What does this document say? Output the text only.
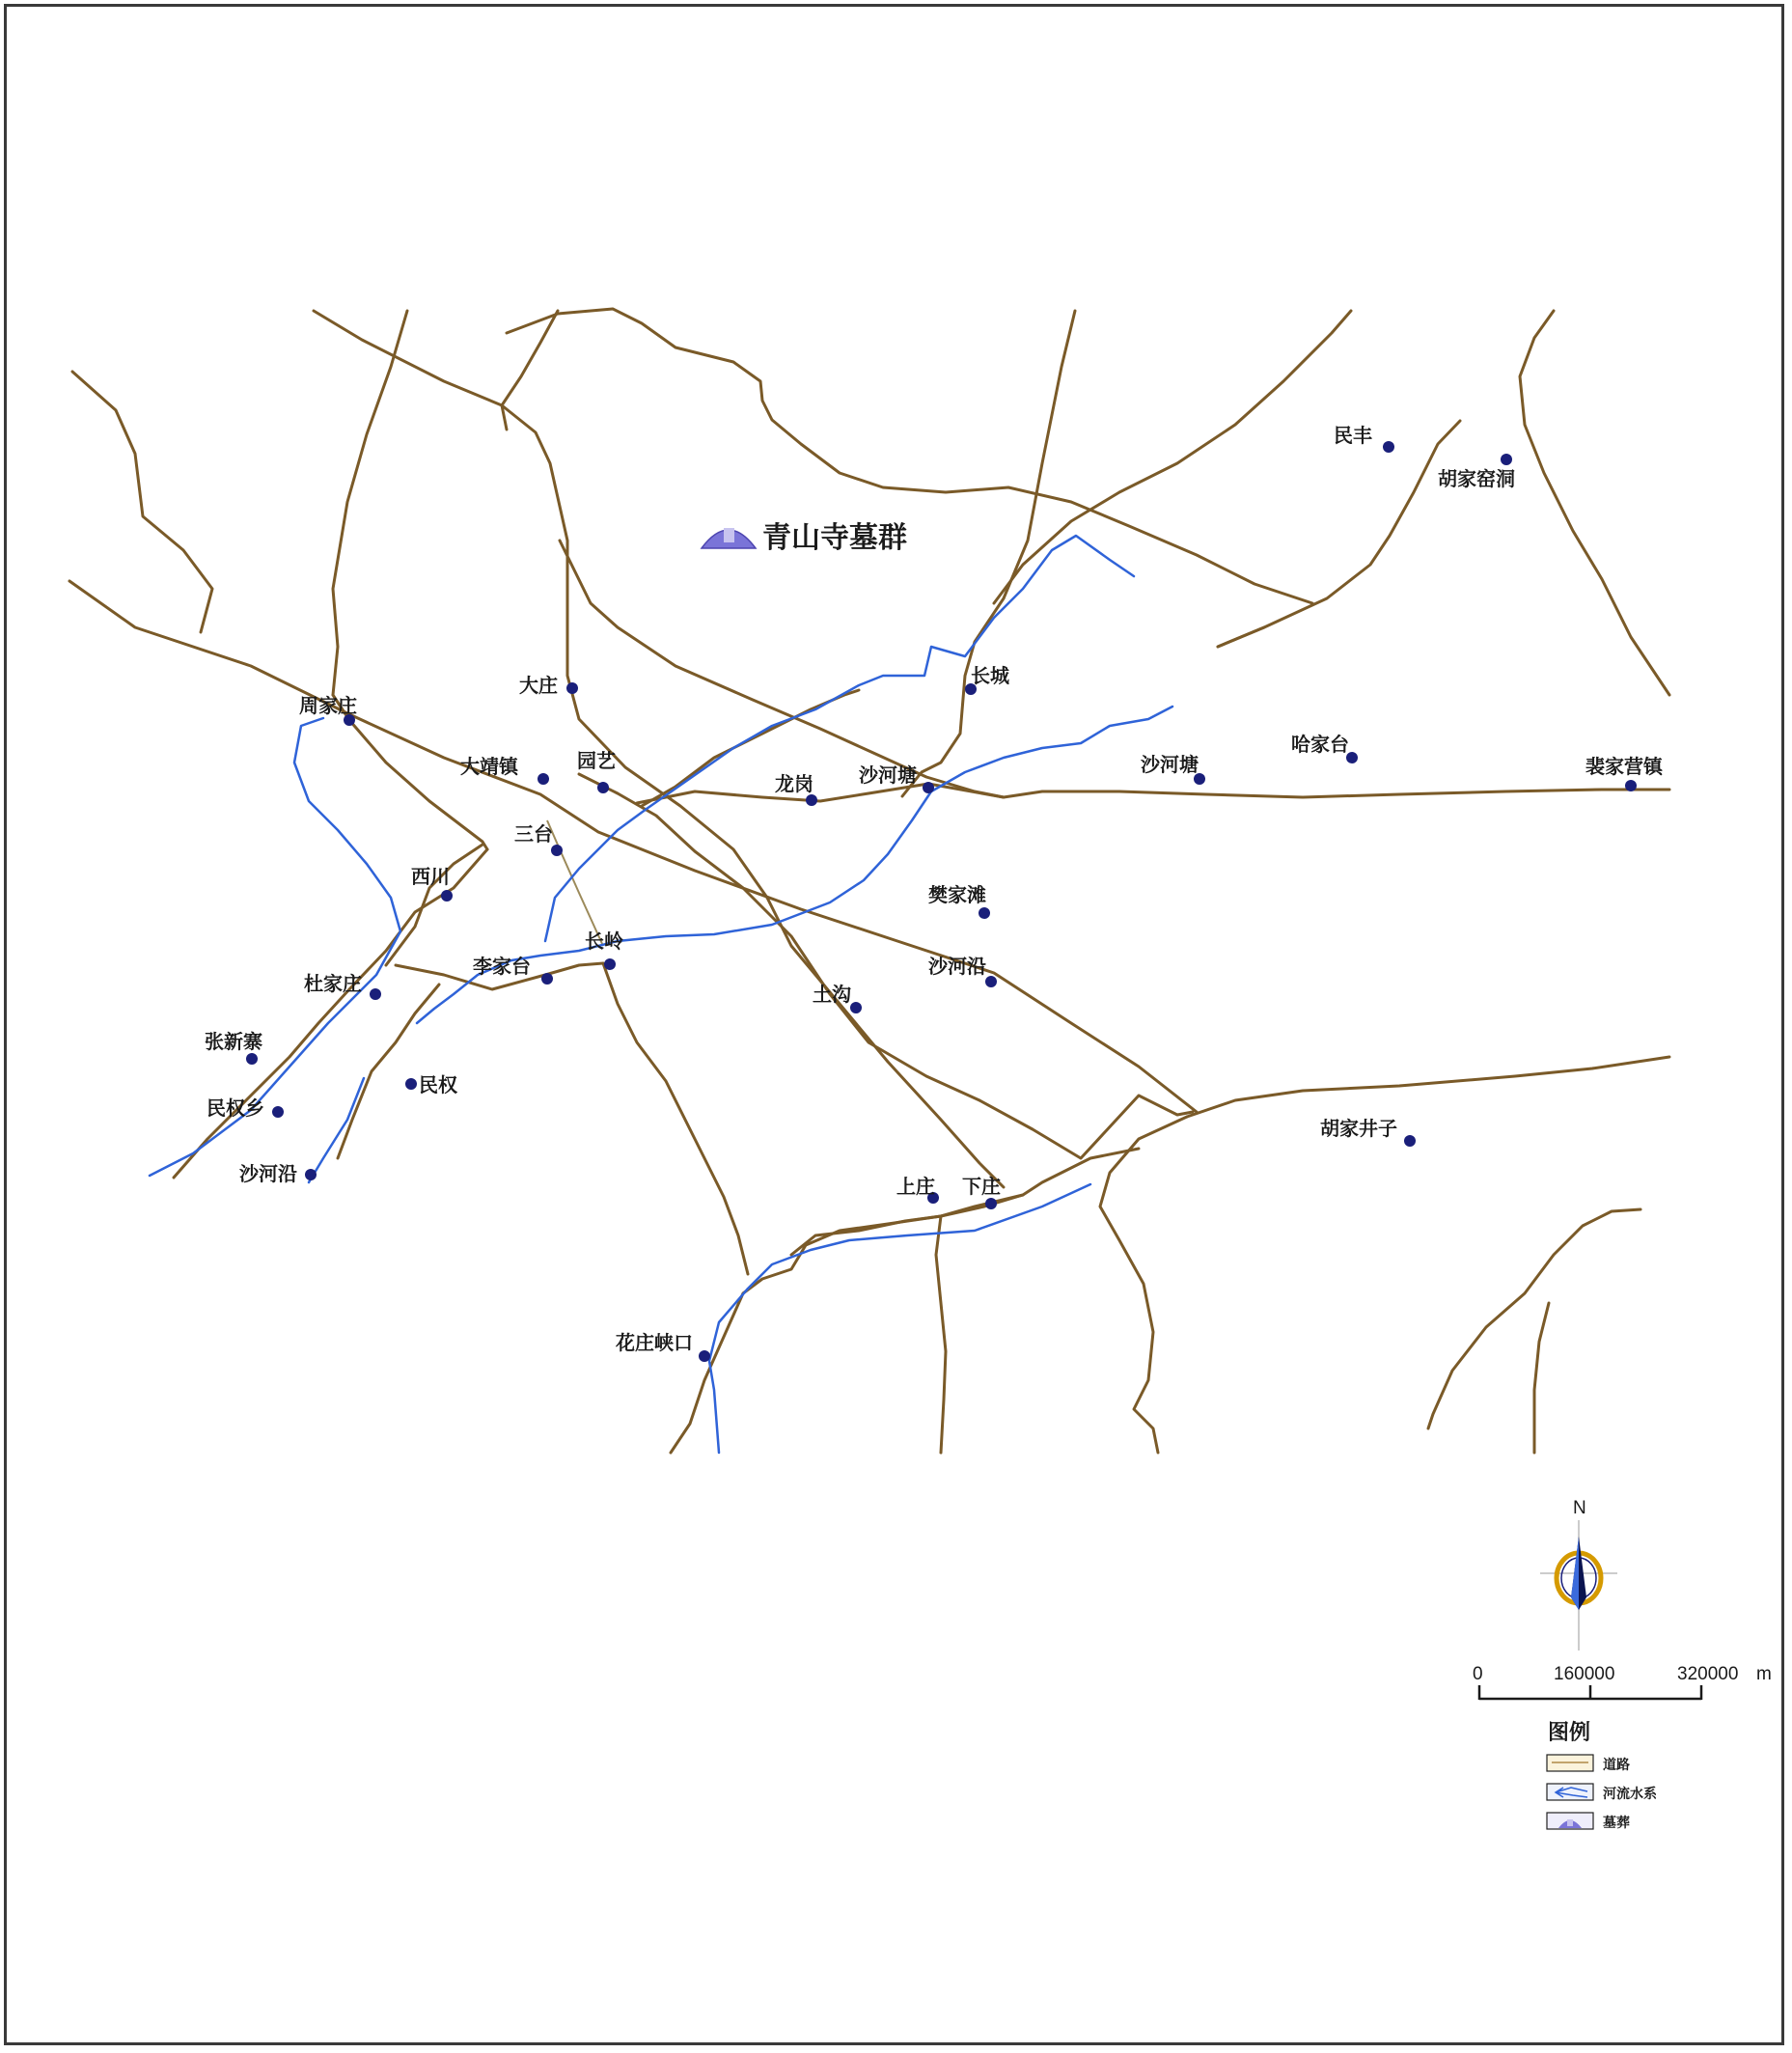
青山寺墓群
民丰
胡家窑洞
大庄	长城
周家庄
大靖镇	园艺
龙岗 沙河塘	沙河塘
哈家台
裴家营镇
三台
西川
樊家滩
长岭
李家台
杜家庄
沙河沿
土沟
张新寨
民权
民权乡
沙河沿
胡家井子
上庄 下庄
花庄峡口
N
0	160000	320000 m
图例
道路
河流水系
墓葬
